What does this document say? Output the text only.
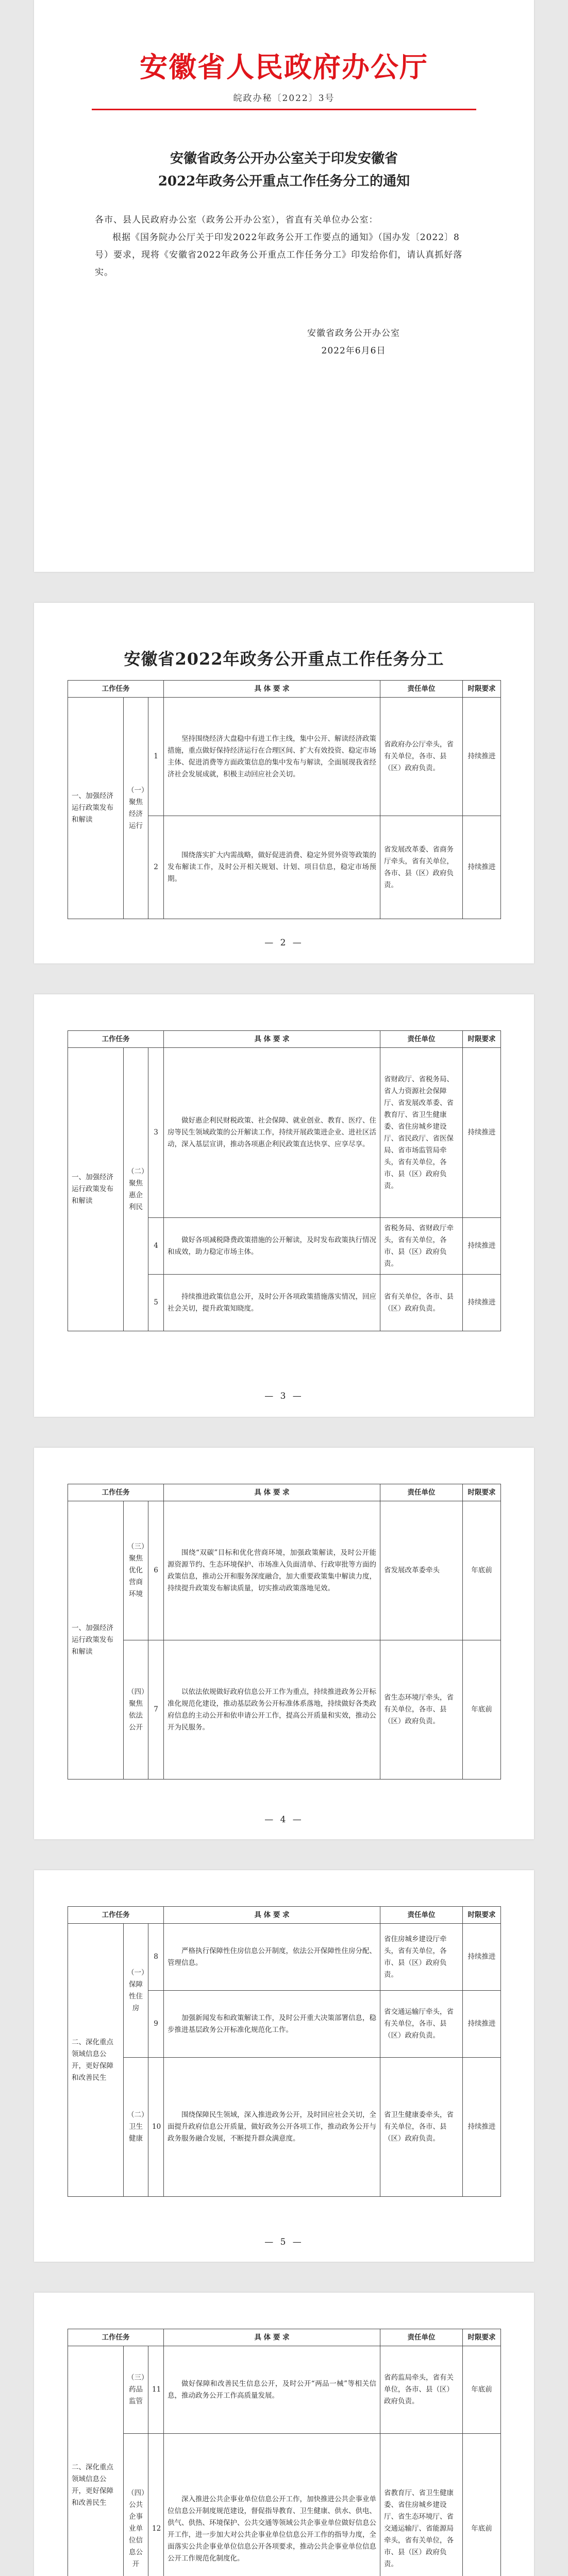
安徽省人民政府办公厅
皖政办秘〔2022〕3号
安徽省政务公开办公室关于印发安徽省
2022年政务公开重点工作任务分工的通知

各市、县人民政府办公室（政务公开办公室），省直有关单位办公室：

根据《国务院办公厅关于印发2022年政务公开工作要点的通知》（国办发〔2022〕8号）要求，现将《安徽省2022年政务公开重点工作任务分工》印发给你们，请认真抓好落实。

安徽省政务公开办公室
2022年6月6日
安徽省2022年政务公开重点工作任务分工
工作任务			具 体 要 求	责任单位	时限要求
一、加强经济运行政策发布和解读	（一）聚焦经济运行	1	坚持围绕经济大盘稳中有进工作主线，集中公开、解读经济政策措施，重点做好保持经济运行在合理区间、扩大有效投资、稳定市场主体、促进消费等方面政策信息的集中发布与解读，全面展现我省经济社会发展成就，积极主动回应社会关切。	省政府办公厅牵头，省有关单位，各市、县（区）政府负责。	持续推进
		2	围绕落实扩大内需战略，做好促进消费、稳定外贸外资等政策的发布解读工作，及时公开相关规划、计划、项目信息，稳定市场预期。	省发展改革委、省商务厅牵头，省有关单位，各市、县（区）政府负责。	持续推进
— 2 —
工作任务			具 体 要 求	责任单位	时限要求
一、加强经济运行政策发布和解读	（二）聚焦惠企利民	3	做好惠企利民财税政策、社会保障、就业创业、教育、医疗、住房等民生领域政策的公开解读工作，持续开展政策进企业、进社区活动，深入基层宣讲，推动各项惠企利民政策直达快享、应享尽享。	省财政厅、省税务局、省人力资源社会保障厅、省发展改革委、省教育厅、省卫生健康委、省住房城乡建设厅、省民政厅、省医保局、省市场监管局牵头，省有关单位，各市、县（区）政府负责。	持续推进
		4	做好各项减税降费政策措施的公开解读，及时发布政策执行情况和成效，助力稳定市场主体。	省税务局、省财政厅牵头，省有关单位，各市、县（区）政府负责。	持续推进
		5	持续推进政策信息公开，及时公开各项政策措施落实情况，回应社会关切，提升政策知晓度。	省有关单位，各市、县（区）政府负责。	持续推进
— 3 —
工作任务			具 体 要 求	责任单位	时限要求
一、加强经济运行政策发布和解读	（三）聚焦优化营商环境	6	围绕“双碳”目标和优化营商环境，加强政策解读，及时公开能源资源节约、生态环境保护、市场准入负面清单、行政审批等方面的政策信息，推动公开和服务深度融合，加大重要政策集中解读力度，持续提升政策发布解读质量，切实推动政策落地见效。	省发展改革委牵头	年底前
	（四）聚焦依法公开	7	以依法依规做好政府信息公开工作为重点，持续推进政务公开标准化规范化建设，推动基层政务公开标准体系落地，持续做好各类政府信息的主动公开和依申请公开工作，提高公开质量和实效，推动公开为民服务。	省生态环境厅牵头，省有关单位，各市、县（区）政府负责。	年底前
— 4 —
工作任务			具 体 要 求	责任单位	时限要求
二、深化重点领域信息公开，更好保障和改善民生	（一）保障性住房	8	严格执行保障性住房信息公开制度，依法公开保障性住房分配、管理信息。	省住房城乡建设厅牵头，省有关单位，各市、县（区）政府负责。	持续推进
		9	加强新闻发布和政策解读工作，及时公开重大决策部署信息，稳步推进基层政务公开标准化规范化工作。	省交通运输厅牵头，省有关单位，各市、县（区）政府负责。	持续推进
	（二）卫生健康	10	围绕保障民生领域，深入推进政务公开，及时回应社会关切，全面提升政府信息公开质量，做好政务公开各项工作，推动政务公开与政务服务融合发展，不断提升群众满意度。	省卫生健康委牵头，省有关单位，各市、县（区）政府负责。	持续推进
— 5 —
工作任务			具 体 要 求	责任单位	时限要求
二、深化重点领域信息公开，更好保障和改善民生	（三）药品监管	11	做好保障和改善民生信息公开，及时公开“两品一械”等相关信息，推动政务公开工作高质量发展。	省药监局牵头，省有关单位，各市、县（区）政府负责。	年底前
	（四）公共企事业单位信息公开	12	深入推进公共企事业单位信息公开工作，加快推进公共企事业单位信息公开制度规范建设，督促指导教育、卫生健康、供水、供电、供气、供热、环境保护、公共交通等领域公共企事业单位做好信息公开工作，进一步加大对公共企事业单位信息公开工作的指导力度，全面落实公共企事业单位信息公开各项要求，推动公共企事业单位信息公开工作规范化制度化。	省教育厅、省卫生健康委、省住房城乡建设厅、省生态环境厅、省交通运输厅、省能源局牵头，省有关单位，各市、县（区）政府负责。	年底前
